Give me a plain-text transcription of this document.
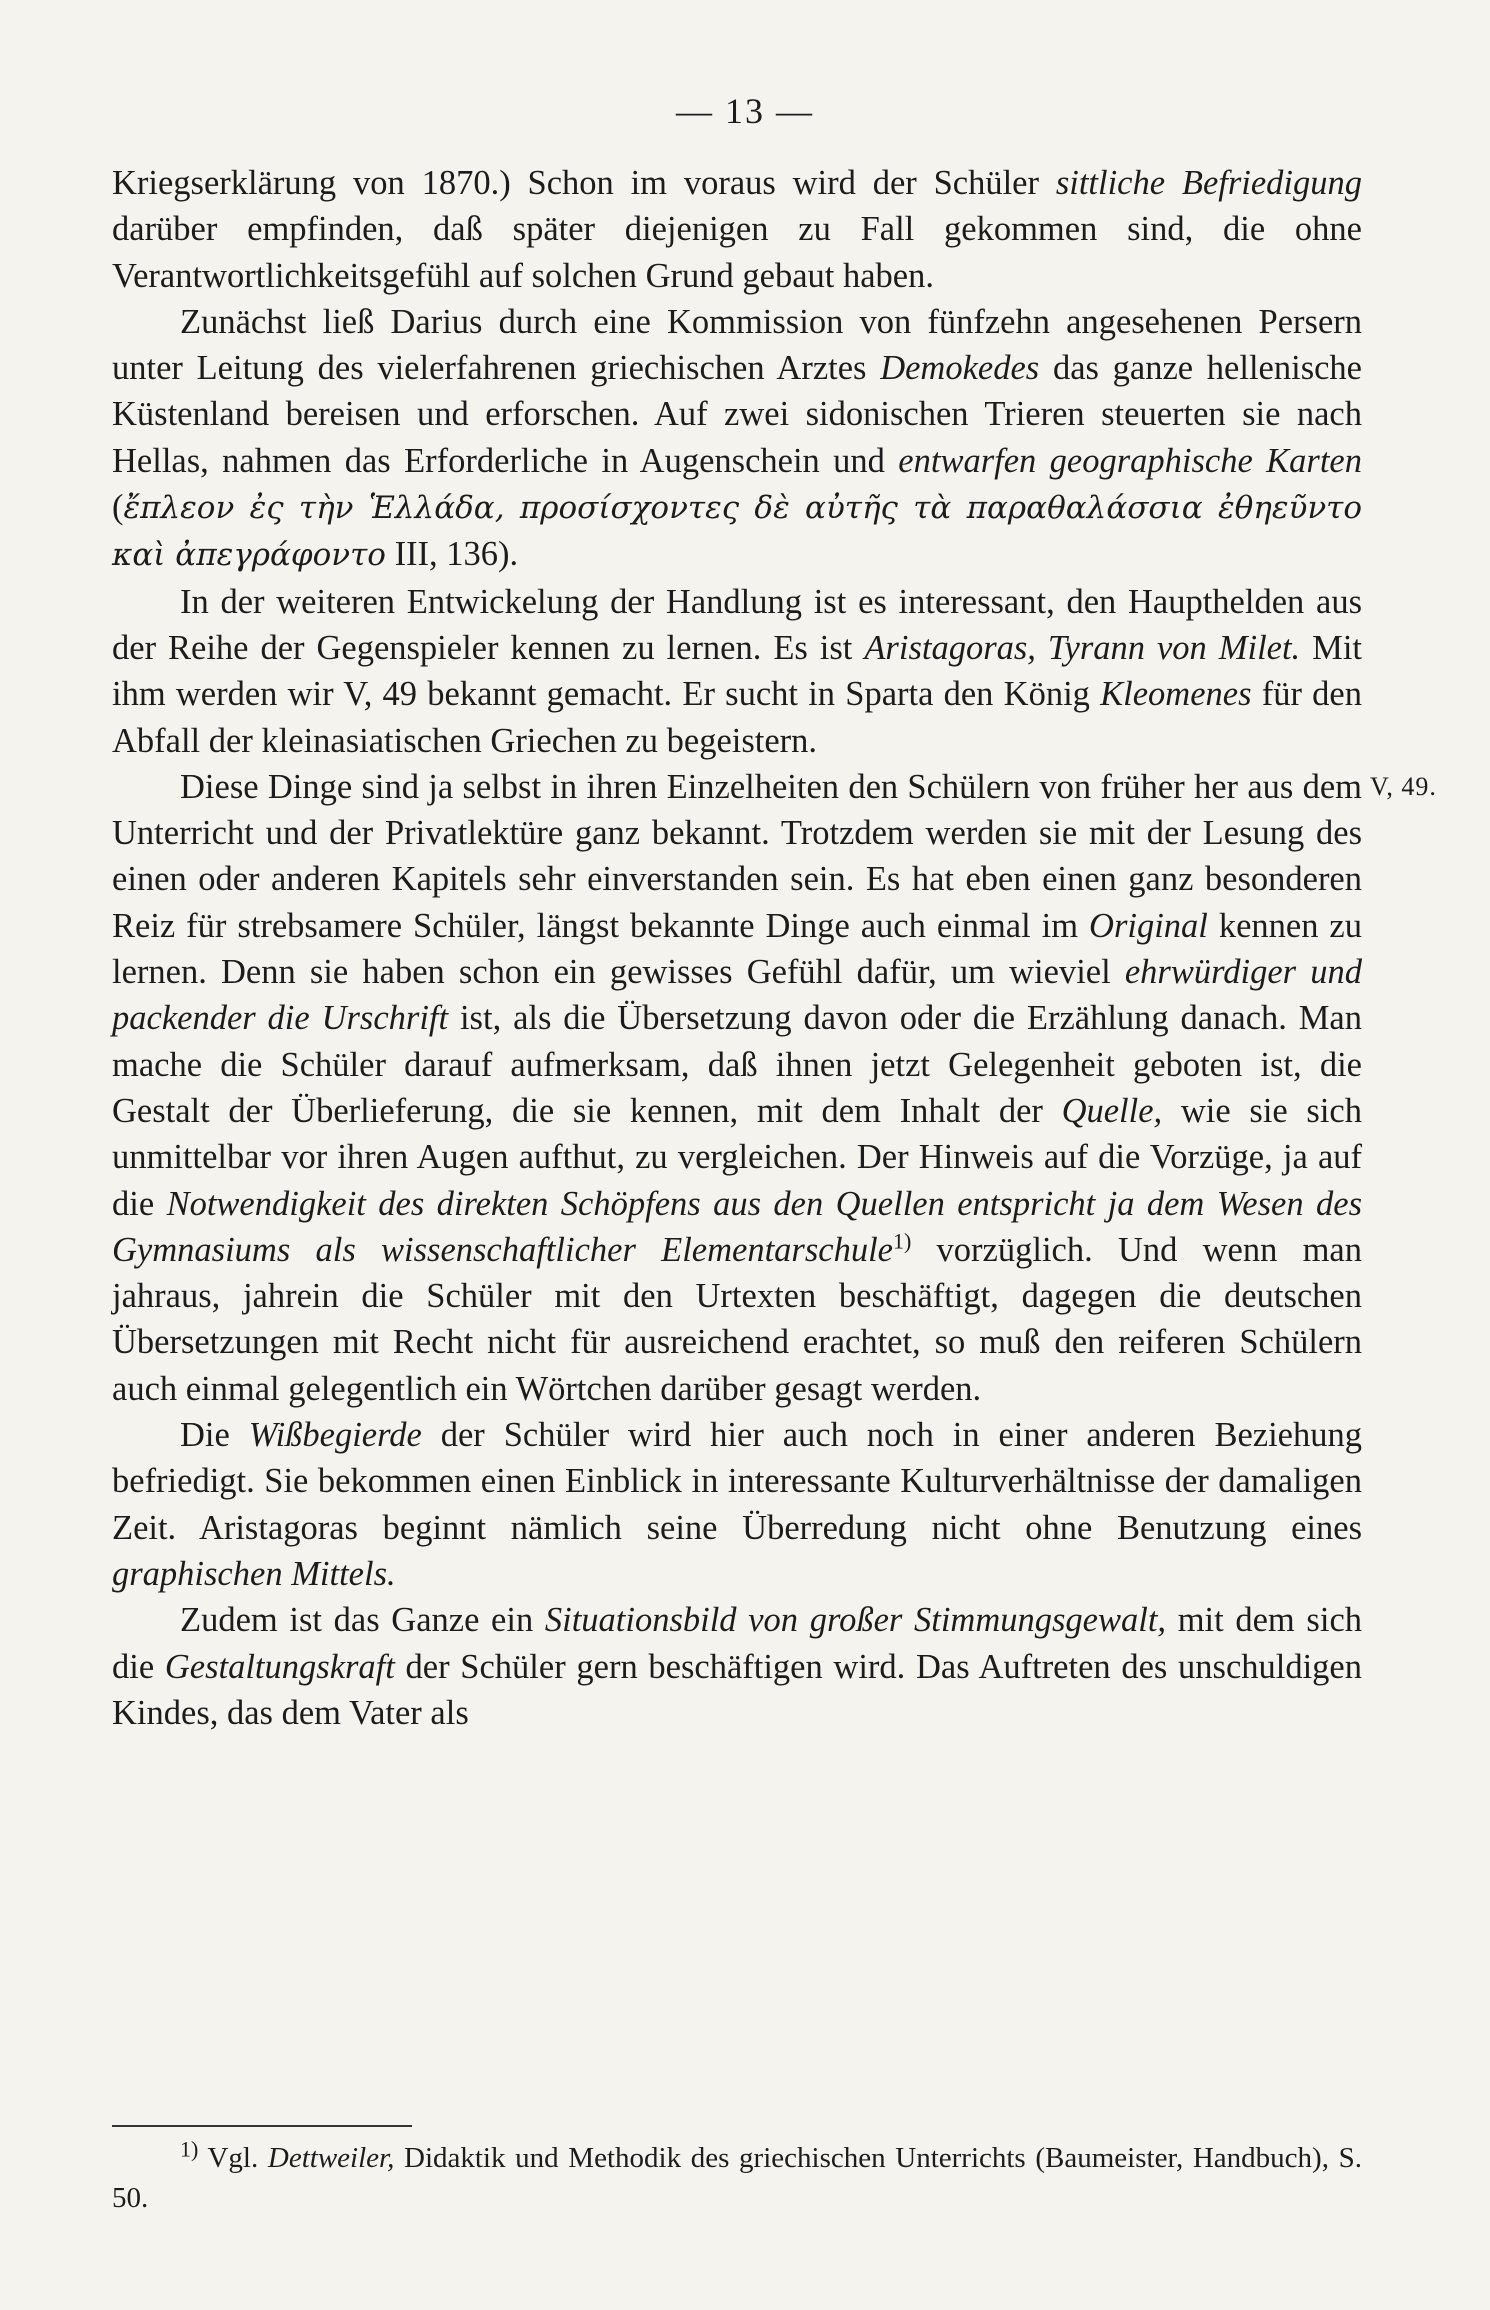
— 13 —

Kriegserklärung von 1870.) Schon im voraus wird der Schüler sittliche Befriedigung darüber empfinden, daß später diejenigen zu Fall gekommen sind, die ohne Verantwortlichkeitsgefühl auf solchen Grund gebaut haben.

Zunächst ließ Darius durch eine Kommission von fünfzehn angesehenen Persern unter Leitung des vielerfahrenen griechischen Arztes Demokedes das ganze hellenische Küstenland bereisen und erforschen. Auf zwei sidonischen Trieren steuerten sie nach Hellas, nahmen das Erforderliche in Augenschein und entwarfen geographische Karten (ἔπλεον ἐς τὴν Ἑλλάδα, προσίσχοντες δὲ αὐτῆς τὰ παραθαλάσσια ἐθηεῦντο καὶ ἀπεγράφοντο III, 136).

In der weiteren Entwickelung der Handlung ist es interessant, den Haupthelden aus der Reihe der Gegenspieler kennen zu lernen. Es ist Aristagoras, Tyrann von Milet. Mit ihm werden wir V, 49 bekannt gemacht. Er sucht in Sparta den König Kleomenes für den Abfall der kleinasiatischen Griechen zu begeistern.

Diese Dinge sind ja selbst in ihren Einzelheiten den Schülern von früher her aus dem Unterricht und der Privatlektüre ganz bekannt. Trotzdem werden sie mit der Lesung des einen oder anderen Kapitels sehr einverstanden sein. Es hat eben einen ganz besonderen Reiz für strebsamere Schüler, längst bekannte Dinge auch einmal im Original kennen zu lernen. Denn sie haben schon ein gewisses Gefühl dafür, um wieviel ehrwürdiger und packender die Urschrift ist, als die Übersetzung davon oder die Erzählung danach. Man mache die Schüler darauf aufmerksam, daß ihnen jetzt Gelegenheit geboten ist, die Gestalt der Überlieferung, die sie kennen, mit dem Inhalt der Quelle, wie sie sich unmittelbar vor ihren Augen aufthut, zu vergleichen. Der Hinweis auf die Vorzüge, ja auf die Notwendigkeit des direkten Schöpfens aus den Quellen entspricht ja dem Wesen des Gymnasiums als wissenschaftlicher Elementarschule$^{1)}$ vorzüglich. Und wenn man jahraus, jahrein die Schüler mit den Urtexten beschäftigt, dagegen die deutschen Übersetzungen mit Recht nicht für ausreichend erachtet, so muß den reiferen Schülern auch einmal gelegentlich ein Wörtchen darüber gesagt werden.

Die Wißbegierde der Schüler wird hier auch noch in einer anderen Beziehung befriedigt. Sie bekommen einen Einblick in interessante Kulturverhältnisse der damaligen Zeit. Aristagoras beginnt nämlich seine Überredung nicht ohne Benutzung eines graphischen Mittels.

Zudem ist das Ganze ein Situationsbild von großer Stimmungsgewalt, mit dem sich die Gestaltungskraft der Schüler gern beschäftigen wird. Das Auftreten des unschuldigen Kindes, das dem Vater als

V, 49.

$^{1)}$ Vgl. Dettweiler, Didaktik und Methodik des griechischen Unterrichts (Baumeister, Handbuch), S. 50.
